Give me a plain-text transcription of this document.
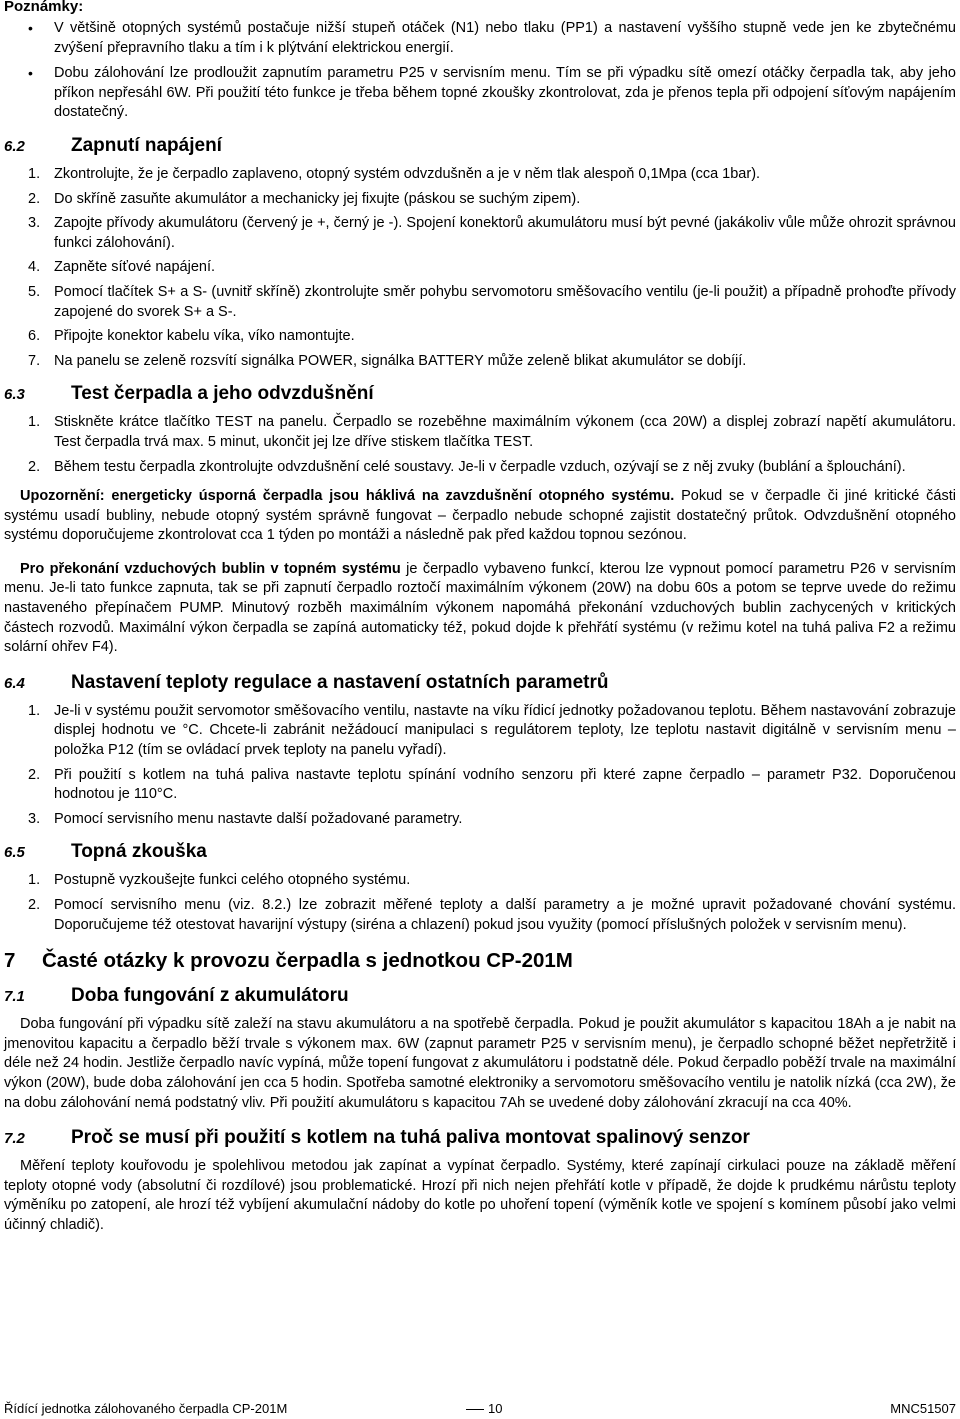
Poznámky:
• V většině otopných systémů postačuje nižší stupeň otáček (N1) nebo tlaku (PP1) a nastavení vyššího stupně vede jen ke zbytečnému zvýšení přepravního tlaku a tím i k plýtvání elektrickou energií.
• Dobu zálohování lze prodloužit zapnutím parametru P25 v servisním menu. Tím se při výpadku sítě omezí otáčky čerpadla tak, aby jeho příkon nepřesáhl 6W. Při použití této funkce je třeba během topné zkoušky zkontrolovat, zda je přenos tepla při odpojení síťovým napájením dostatečný.
6.2	Zapnutí napájení
1. Zkontrolujte, že je čerpadlo zaplaveno, otopný systém odvzdušněn a je v něm tlak alespoň 0,1Mpa (cca 1bar).
2. Do skříně zasuňte akumulátor a mechanicky jej fixujte (páskou se suchým zipem).
3. Zapojte přívody akumulátoru (červený je +, černý je -). Spojení konektorů akumulátoru musí být pevné (jakákoliv vůle může ohrozit správnou funkci zálohování).
4. Zapněte síťové napájení.
5. Pomocí tlačítek S+ a S- (uvnitř skříně) zkontrolujte směr pohybu servomotoru směšovacího ventilu (je-li použit) a případně prohoďte přívody zapojené do svorek S+ a S-.
6. Připojte konektor kabelu víka, víko namontujte.
7. Na panelu se zeleně rozsvítí signálka POWER, signálka BATTERY může zeleně blikat akumulátor se dobíjí.
6.3	Test čerpadla a jeho odvzdušnění
1. Stiskněte krátce tlačítko TEST na panelu. Čerpadlo se rozeběhne maximálním výkonem (cca 20W) a displej zobrazí napětí akumulátoru. Test čerpadla trvá max. 5 minut, ukončit jej lze dříve stiskem tlačítka TEST.
2. Během testu čerpadla zkontrolujte odvzdušnění celé soustavy. Je-li v čerpadle vzduch, ozývají se z něj zvuky (bublání a šplouchání).

Upozornění: energeticky úsporná čerpadla jsou háklivá na zavzdušnění otopného systému. Pokud se v čerpadle či jiné kritické části systému usadí bubliny, nebude otopný systém správně fungovat – čerpadlo nebude schopné zajistit dostatečný průtok. Odvzdušnění otopného systému doporučujeme zkontrolovat cca 1 týden po montáži a následně pak před každou topnou sezónou.

Pro překonání vzduchových bublin v topném systému je čerpadlo vybaveno funkcí, kterou lze vypnout pomocí parametru P26 v servisním menu. Je-li tato funkce zapnuta, tak se při zapnutí čerpadlo roztočí maximálním výkonem (20W) na dobu 60s a potom se teprve uvede do režimu nastaveného přepínačem PUMP. Minutový rozběh maximálním výkonem napomáhá překonání vzduchových bublin zachycených v kritických částech rozvodů. Maximální výkon čerpadla se zapíná automaticky též, pokud dojde k přehřátí systému (v režimu kotel na tuhá paliva F2 a režimu solární ohřev F4).

6.4	Nastavení teploty regulace a nastavení ostatních parametrů
1. Je-li v systému použit servomotor směšovacího ventilu, nastavte na víku řídicí jednotky požadovanou teplotu. Během nastavování zobrazuje displej hodnotu ve °C. Chcete-li zabránit nežádoucí manipulaci s regulátorem teploty, lze teplotu nastavit digitálně v servisním menu – položka P12 (tím se ovládací prvek teploty na panelu vyřadí).
2. Při použití s kotlem na tuhá paliva nastavte teplotu spínání vodního senzoru při které zapne čerpadlo – parametr P32. Doporučenou hodnotou je 110°C.
3. Pomocí servisního menu nastavte další požadované parametry.
6.5	Topná zkouška
1. Postupně vyzkoušejte funkci celého otopného systému.
2. Pomocí servisního menu (viz. 8.2.) lze zobrazit měřené teploty a další parametry a je možné upravit požadované chování systému. Doporučujeme též otestovat havarijní výstupy (siréna a chlazení) pokud jsou využity (pomocí příslušných položek v servisním menu).
7	Časté otázky k provozu čerpadla s jednotkou CP-201M
7.1	Doba fungování z akumulátoru

Doba fungování při výpadku sítě zaleží na stavu akumulátoru a na spotřebě čerpadla. Pokud je použit akumulátor s kapacitou 18Ah a je nabit na jmenovitou kapacitu a čerpadlo běží trvale s výkonem max. 6W (zapnut parametr P25 v servisním menu), je čerpadlo schopné běžet nepřetržitě i déle než 24 hodin. Jestliže čerpadlo navíc vypíná, může topení fungovat z akumulátoru i podstatně déle. Pokud čerpadlo poběží trvale na maximální výkon (20W), bude doba zálohování jen cca 5 hodin. Spotřeba samotné elektroniky a servomotoru směšovacího ventilu je natolik nízká (cca 2W), že na dobu zálohování nemá podstatný vliv. Při použití akumulátoru s kapacitou 7Ah se uvedené doby zálohování zkracují na cca 40%.

7.2	Proč se musí při použití s kotlem na tuhá paliva montovat spalinový senzor

Měření teploty kouřovodu je spolehlivou metodou jak zapínat a vypínat čerpadlo. Systémy, které zapínají cirkulaci pouze na základě měření teploty otopné vody (absolutní či rozdílové) jsou problematické. Hrozí při nich nejen přehřátí kotle v případě, že dojde k prudkému nárůstu teploty výměníku po zatopení, ale hrozí též vybíjení akumulační nádoby do kotle po uhoření topení (výměník kotle ve spojení s komínem působí jako velmi účinný chladič).

Řídící jednotka zálohovaného čerpadla CP-201M	10	MNC51507
